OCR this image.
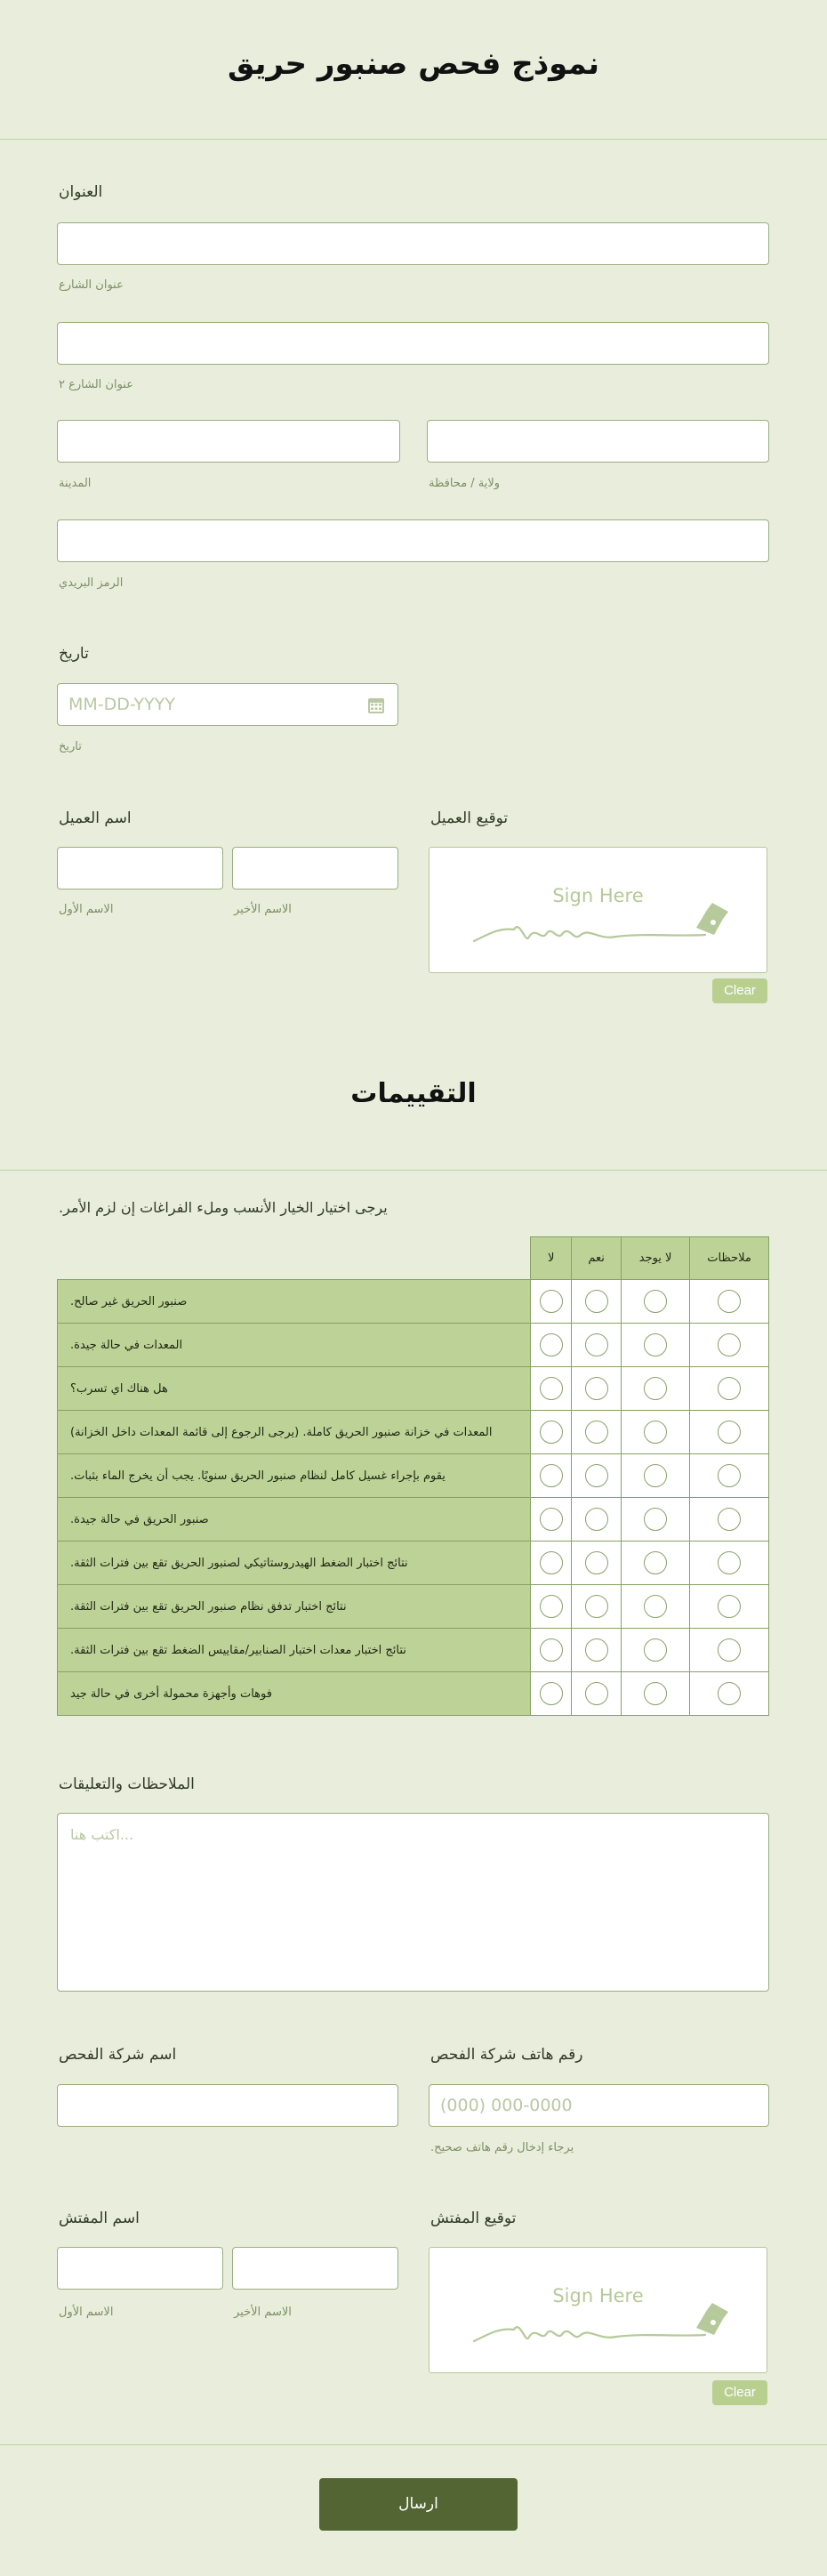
نموذج فحص صنبور حريق
العنوان
عنوان الشارع
عنوان الشارع ٢
المدينة	ولاية / محافظة
الرمز البريدي
تاريخ
MM-DD-YYYY
تاريخ
اسم العميل
الاسم الأول	الاسم الأخير
توقيع العميل
Sign Here
Clear
التقييمات
يرجى اختيار الخيار الأنسب وملء الفراغات إن لزم الأمر.
	لا	نعم	لا يوجد	ملاحظات
صنبور الحريق غير صالح.				
المعدات في حالة جيدة.				
هل هناك اي تسرب؟				
المعدات في خزانة صنبور الحريق كاملة. (يرجى الرجوع إلى قائمة المعدات داخل الخزانة)				
يقوم بإجراء غسيل كامل لنظام صنبور الحريق سنويًا. يجب أن يخرج الماء بثبات.				
صنبور الحريق في حالة جيدة.				
نتائج اختبار الضغط الهيدروستاتيكي لصنبور الحريق تقع بين فترات الثقة.				
نتائج اختبار تدفق نظام صنبور الحريق تقع بين فترات الثقة.				
نتائج اختبار معدات اختبار الصنابير/مقاييس الضغط تقع بين فترات الثقة.				
فوهات وأجهزة محمولة أخرى في حالة جيد				
الملاحظات والتعليقات
اكتب هنا...
اسم شركة الفحص	رقم هاتف شركة الفحص
(000) 000-0000
يرجاء إدخال رقم هاتف صحيح.
اسم المفتش
الاسم الأول	الاسم الأخير
توقيع المفتش
Sign Here
Clear
ارسال
